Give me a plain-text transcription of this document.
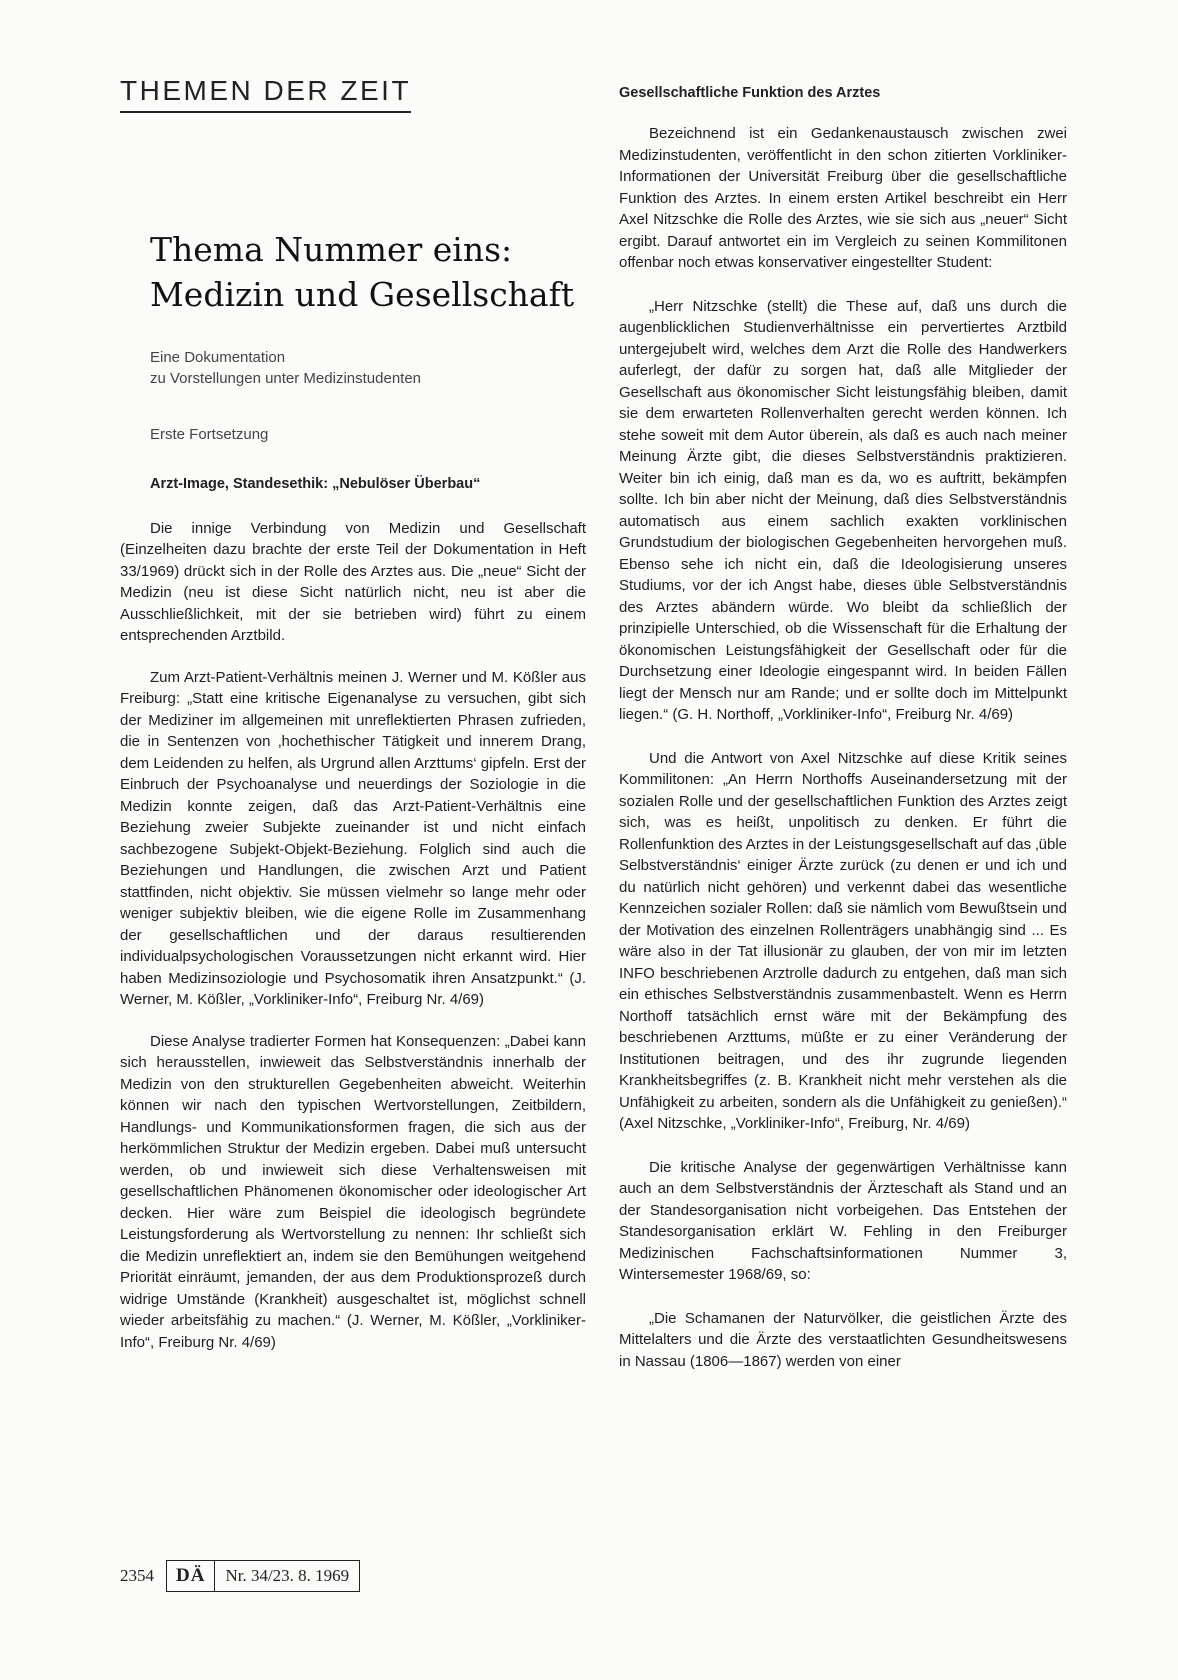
THEMEN DER ZEIT
Thema Nummer eins:
Medizin und Gesellschaft
Eine Dokumentation
zu Vorstellungen unter Medizinstudenten
Erste Fortsetzung
Arzt-Image, Standesethik: „Nebulöser Überbau“

Die innige Verbindung von Medizin und Gesellschaft (Einzelheiten dazu brachte der erste Teil der Dokumentation in Heft 33/1969) drückt sich in der Rolle des Arztes aus. Die „neue“ Sicht der Medizin (neu ist diese Sicht natürlich nicht, neu ist aber die Ausschließlichkeit, mit der sie betrieben wird) führt zu einem entsprechenden Arztbild.

Zum Arzt-Patient-Verhältnis meinen J. Werner und M. Kößler aus Freiburg: „Statt eine kritische Eigenanalyse zu versuchen, gibt sich der Mediziner im allgemeinen mit unreflektierten Phrasen zufrieden, die in Sentenzen von ‚hochethischer Tätigkeit und innerem Drang, dem Leidenden zu helfen, als Urgrund allen Arzttums‘ gipfeln. Erst der Einbruch der Psychoanalyse und neuerdings der Soziologie in die Medizin konnte zeigen, daß das Arzt-Patient-Verhältnis eine Beziehung zweier Subjekte zueinander ist und nicht einfach sachbezogene Subjekt-Objekt-Beziehung. Folglich sind auch die Beziehungen und Handlungen, die zwischen Arzt und Patient stattfinden, nicht objektiv. Sie müssen vielmehr so lange mehr oder weniger subjektiv bleiben, wie die eigene Rolle im Zusammenhang der gesellschaftlichen und der daraus resultierenden individualpsychologischen Voraussetzungen nicht erkannt wird. Hier haben Medizinsoziologie und Psychosomatik ihren Ansatzpunkt.“ (J. Werner, M. Kößler, „Vorkliniker-Info“, Freiburg Nr. 4/69)

Diese Analyse tradierter Formen hat Konsequenzen: „Dabei kann sich herausstellen, inwieweit das Selbstverständnis innerhalb der Medizin von den strukturellen Gegebenheiten abweicht. Weiterhin können wir nach den typischen Wertvorstellungen, Zeitbildern, Handlungs- und Kommunikationsformen fragen, die sich aus der herkömmlichen Struktur der Medizin ergeben. Dabei muß untersucht werden, ob und inwieweit sich diese Verhaltensweisen mit gesellschaftlichen Phänomenen ökonomischer oder ideologischer Art decken. Hier wäre zum Beispiel die ideologisch begründete Leistungsforderung als Wertvorstellung zu nennen: Ihr schließt sich die Medizin unreflektiert an, indem sie den Bemühungen weitgehend Priorität einräumt, jemanden, der aus dem Produktionsprozeß durch widrige Umstände (Krankheit) ausgeschaltet ist, möglichst schnell wieder arbeitsfähig zu machen.“ (J. Werner, M. Kößler, „Vorkliniker-Info“, Freiburg Nr. 4/69)

Gesellschaftliche Funktion des Arztes

Bezeichnend ist ein Gedankenaustausch zwischen zwei Medizinstudenten, veröffentlicht in den schon zitierten Vorkliniker-Informationen der Universität Freiburg über die gesellschaftliche Funktion des Arztes. In einem ersten Artikel beschreibt ein Herr Axel Nitzschke die Rolle des Arztes, wie sie sich aus „neuer“ Sicht ergibt. Darauf antwortet ein im Vergleich zu seinen Kommilitonen offenbar noch etwas konservativer eingestellter Student:

„Herr Nitzschke (stellt) die These auf, daß uns durch die augenblicklichen Studienverhältnisse ein pervertiertes Arztbild untergejubelt wird, welches dem Arzt die Rolle des Handwerkers auferlegt, der dafür zu sorgen hat, daß alle Mitglieder der Gesellschaft aus ökonomischer Sicht leistungsfähig bleiben, damit sie dem erwarteten Rollenverhalten gerecht werden können. Ich stehe soweit mit dem Autor überein, als daß es auch nach meiner Meinung Ärzte gibt, die dieses Selbstverständnis praktizieren. Weiter bin ich einig, daß man es da, wo es auftritt, bekämpfen sollte. Ich bin aber nicht der Meinung, daß dies Selbstverständnis automatisch aus einem sachlich exakten vorklinischen Grundstudium der biologischen Gegebenheiten hervorgehen muß. Ebenso sehe ich nicht ein, daß die Ideologisierung unseres Studiums, vor der ich Angst habe, dieses üble Selbstverständnis des Arztes abändern würde. Wo bleibt da schließlich der prinzipielle Unterschied, ob die Wissenschaft für die Erhaltung der ökonomischen Leistungsfähigkeit der Gesellschaft oder für die Durchsetzung einer Ideologie eingespannt wird. In beiden Fällen liegt der Mensch nur am Rande; und er sollte doch im Mittelpunkt liegen.“ (G. H. Northoff, „Vorkliniker-Info“, Freiburg Nr. 4/69)

Und die Antwort von Axel Nitzschke auf diese Kritik seines Kommilitonen: „An Herrn Northoffs Auseinandersetzung mit der sozialen Rolle und der gesellschaftlichen Funktion des Arztes zeigt sich, was es heißt, unpolitisch zu denken. Er führt die Rollenfunktion des Arztes in der Leistungsgesellschaft auf das ‚üble Selbstverständnis‘ einiger Ärzte zurück (zu denen er und ich und du natürlich nicht gehören) und verkennt dabei das wesentliche Kennzeichen sozialer Rollen: daß sie nämlich vom Bewußtsein und der Motivation des einzelnen Rollenträgers unabhängig sind ... Es wäre also in der Tat illusionär zu glauben, der von mir im letzten INFO beschriebenen Arztrolle dadurch zu entgehen, daß man sich ein ethisches Selbstverständnis zusammenbastelt. Wenn es Herrn Northoff tatsächlich ernst wäre mit der Bekämpfung des beschriebenen Arzttums, müßte er zu einer Veränderung der Institutionen beitragen, und des ihr zugrunde liegenden Krankheitsbegriffes (z. B. Krankheit nicht mehr verstehen als die Unfähigkeit zu arbeiten, sondern als die Unfähigkeit zu genießen).“ (Axel Nitzschke, „Vorkliniker-Info“, Freiburg, Nr. 4/69)

Die kritische Analyse der gegenwärtigen Verhältnisse kann auch an dem Selbstverständnis der Ärzteschaft als Stand und an der Standesorganisation nicht vorbeigehen. Das Entstehen der Standesorganisation erklärt W. Fehling in den Freiburger Medizinischen Fachschaftsinformationen Nummer 3, Wintersemester 1968/69, so:

„Die Schamanen der Naturvölker, die geistlichen Ärzte des Mittelalters und die Ärzte des verstaatlichten Gesundheitswesens in Nassau (1806—1867) werden von einer

2354	DÄ	Nr. 34/23. 8. 1969
